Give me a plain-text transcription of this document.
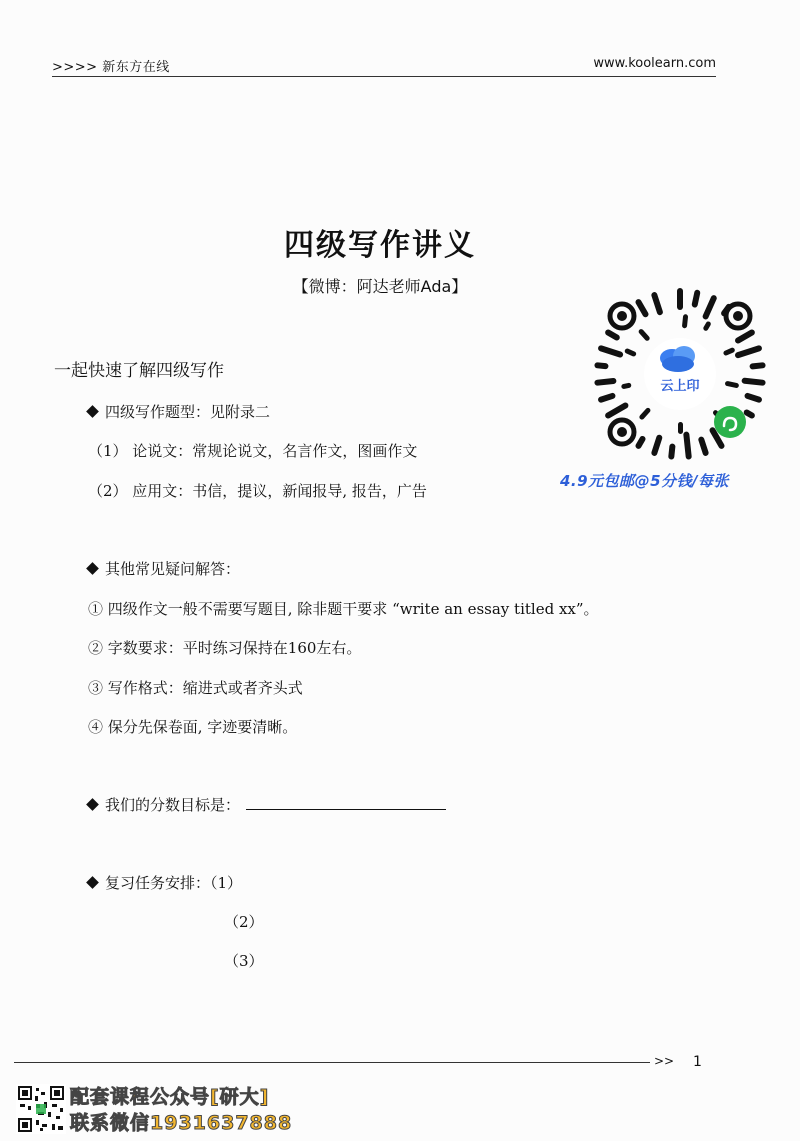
>>>> 新东方在线	www.koolearn.com
四级写作讲义
【微博：阿达老师Ada】
一起快速了解四级写作
四级写作题型：见附录二
（1） 论说文：常规论说文，名言作文，图画作文
（2） 应用文：书信，提议，新闻报导, 报告，广告
其他常见疑问解答：
① 四级作文一般不需要写题目, 除非题干要求 “write an essay titled xx”。
② 字数要求：平时练习保持在160左右。
③ 写作格式：缩进式或者齐头式
④ 保分先保卷面, 字迹要清晰。
我们的分数目标是：
复习任务安排：（1）
（2）
（3）
云上印
4.9元包邮@5分钱/每张
>> 1
配套课程公众号[研大]
联系微信1931637888
